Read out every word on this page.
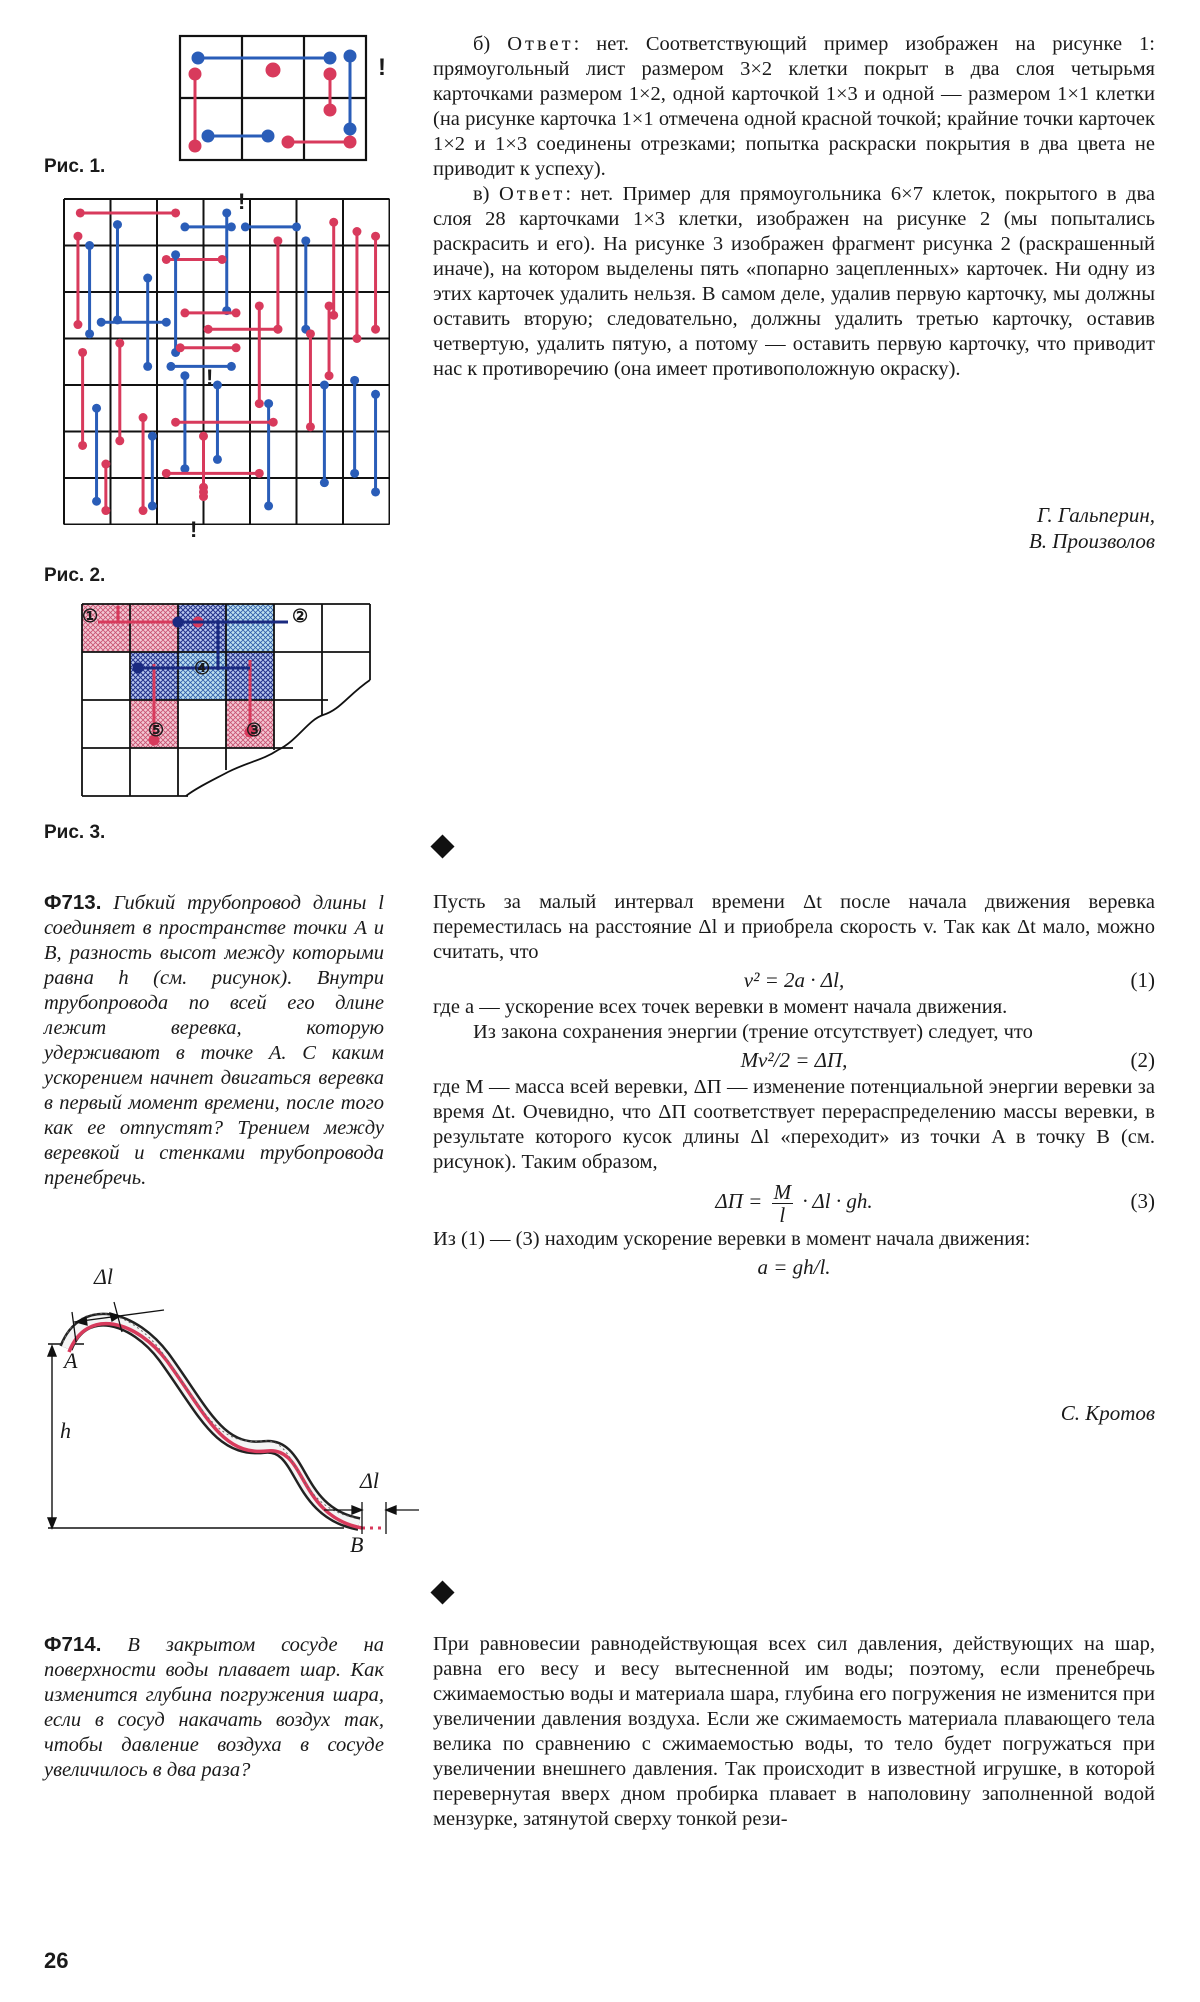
!
Рис. 1.
!
!
!
Рис. 2.
①	②
③
④
⑤
Рис. 3.

б) Ответ: нет. Соответствующий пример изображен на рисунке 1: прямоугольный лист размером 3×2 клетки покрыт в два слоя четырьмя карточками размером 1×2, одной карточкой 1×3 и одной — размером 1×1 клетки (на рисунке карточка 1×1 отмечена одной красной точкой; крайние точки карточек 1×2 и 1×3 соединены отрезками; попытка раскраски покрытия в два цвета не приводит к успеху).

в) Ответ: нет. Пример для прямоугольника 6×7 клеток, покрытого в два слоя 28 карточками 1×3 клетки, изображен на рисунке 2 (мы попытались раскрасить и его). На рисунке 3 изображен фрагмент рисунка 2 (раскрашенный иначе), на котором выделены пять «попарно зацепленных» карточек. Ни одну из этих карточек удалить нельзя. В самом деле, удалив первую карточку, мы должны оставить вторую; следовательно, должны удалить третью карточку, оставив четвертую, удалить пятую, а потому — оставить первую карточку, что приводит нас к противоречию (она имеет противоположную окраску).

Г. Гальперин,
В. Произволов
Ф713. Гибкий трубопровод длины l соединяет в пространстве точки A и B, разность высот между которыми равна h (см. рисунок). Внутри трубопровода по всей его длине лежит веревка, которую удерживают в точке A. С каким ускорением начнет двигаться веревка в первый момент времени, после того как ее отпустят? Трением между веревкой и стенками трубопровода пренебречь.
Δl
Δl
A
B
h

Пусть за малый интервал времени Δt после начала движения веревка переместилась на расстояние Δl и приобрела скорость v. Так как Δt мало, можно считать, что

v² = 2a · Δl,	(1)

где a — ускорение всех точек веревки в момент начала движения.

Из закона сохранения энергии (трение отсутствует) следует, что

Mv²/2 = ΔΠ,	(2)

где M — масса всей веревки, ΔΠ — изменение потенциальной энергии веревки за время Δt. Очевидно, что ΔΠ соответствует перераспределению массы веревки, в результате которого кусок длины Δl «переходит» из точки A в точку B (см. рисунок). Таким образом,

$\Delta\Pi = \frac{M}{l} \cdot \Delta l$ · gh.	(3)

Из (1) — (3) находим ускорение веревки в момент начала движения:

a = gh/l.
С. Кротов
Ф714. В закрытом сосуде на поверхности воды плавает шар. Как изменится глубина погружения шара, если в сосуд накачать воздух так, чтобы давление воздуха в сосуде увеличилось в два раза?

При равновесии равнодействующая всех сил давления, действующих на шар, равна его весу и весу вытесненной им воды; поэтому, если пренебречь сжимаемостью воды и материала шара, глубина его погружения не изменится при увеличении давления воздуха. Если же сжимаемость материала плавающего тела велика по сравнению с сжимаемостью воды, то тело будет погружаться при увеличении внешнего давления. Так происходит в известной игрушке, в которой перевернутая вверх дном пробирка плавает в наполовину заполненной водой мензурке, затянутой сверху тонкой рези-

26
